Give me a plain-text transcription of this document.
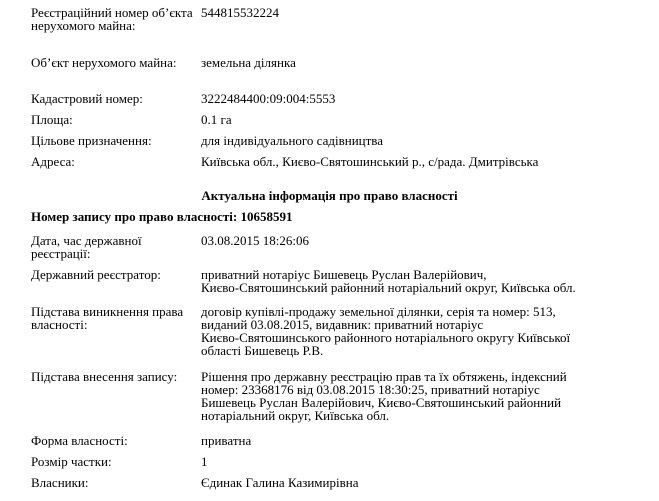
Реєстраційний номер об’єкта нерухомого майна:
544815532224
Об’єкт нерухомого майна:	земельна ділянка
Кадастровий номер:	3222484400:09:004:5553
Площа:	0.1 га
Цільове призначення:	для індивідуального садівництва
Адреса:	Київська обл., Києво-Святошинський р., с/рада. Дмитрівська
Актуальна інформація про право власності
Номер запису про право власності: 10658591
Дата, час державної реєстрації:
03.08.2015 18:26:06
Державний реєстратор:	приватний нотаріус Бишевець Руслан Валерійович,
Києво-Святошинський районний нотаріальний округ, Київська обл.
Підстава виникнення права власності:
договір купівлі-продажу земельної ділянки, серія та номер: 513,
виданий 03.08.2015, видавник: приватний нотаріус
Києво-Святошинського районного нотаріального округу Київської
області Бишевець Р.В.
Підстава внесення запису:	Рішення про державну реєстрацію прав та їх обтяжень, індексний
номер: 23368176 від 03.08.2015 18:30:25, приватний нотаріус
Бишевець Руслан Валерійович, Києво-Святошинський районний
нотаріальний округ, Київська обл.
Форма власності:	приватна
Розмір частки:	1
Власники:	Єдинак Галина Казимирівна
